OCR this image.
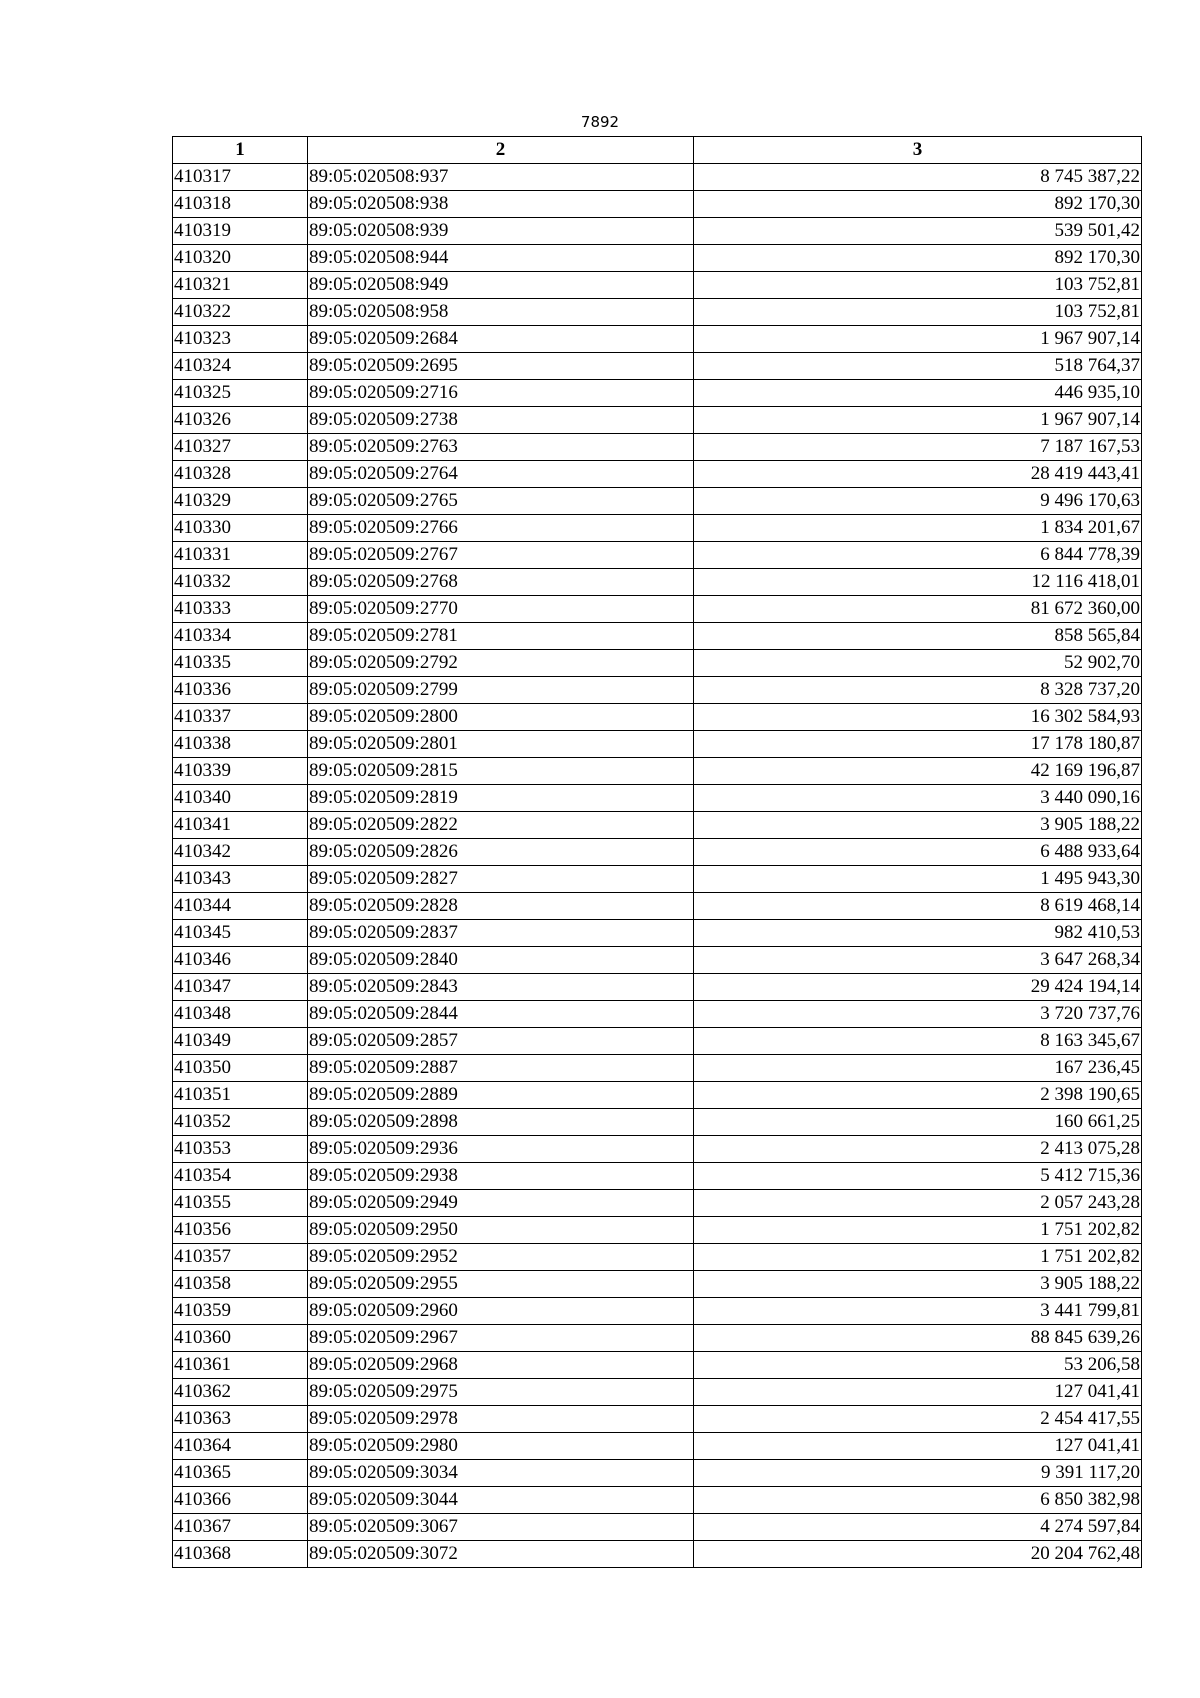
7892
1	2	3
410317	89:05:020508:937	8 745 387,22
410318	89:05:020508:938	892 170,30
410319	89:05:020508:939	539 501,42
410320	89:05:020508:944	892 170,30
410321	89:05:020508:949	103 752,81
410322	89:05:020508:958	103 752,81
410323	89:05:020509:2684	1 967 907,14
410324	89:05:020509:2695	518 764,37
410325	89:05:020509:2716	446 935,10
410326	89:05:020509:2738	1 967 907,14
410327	89:05:020509:2763	7 187 167,53
410328	89:05:020509:2764	28 419 443,41
410329	89:05:020509:2765	9 496 170,63
410330	89:05:020509:2766	1 834 201,67
410331	89:05:020509:2767	6 844 778,39
410332	89:05:020509:2768	12 116 418,01
410333	89:05:020509:2770	81 672 360,00
410334	89:05:020509:2781	858 565,84
410335	89:05:020509:2792	52 902,70
410336	89:05:020509:2799	8 328 737,20
410337	89:05:020509:2800	16 302 584,93
410338	89:05:020509:2801	17 178 180,87
410339	89:05:020509:2815	42 169 196,87
410340	89:05:020509:2819	3 440 090,16
410341	89:05:020509:2822	3 905 188,22
410342	89:05:020509:2826	6 488 933,64
410343	89:05:020509:2827	1 495 943,30
410344	89:05:020509:2828	8 619 468,14
410345	89:05:020509:2837	982 410,53
410346	89:05:020509:2840	3 647 268,34
410347	89:05:020509:2843	29 424 194,14
410348	89:05:020509:2844	3 720 737,76
410349	89:05:020509:2857	8 163 345,67
410350	89:05:020509:2887	167 236,45
410351	89:05:020509:2889	2 398 190,65
410352	89:05:020509:2898	160 661,25
410353	89:05:020509:2936	2 413 075,28
410354	89:05:020509:2938	5 412 715,36
410355	89:05:020509:2949	2 057 243,28
410356	89:05:020509:2950	1 751 202,82
410357	89:05:020509:2952	1 751 202,82
410358	89:05:020509:2955	3 905 188,22
410359	89:05:020509:2960	3 441 799,81
410360	89:05:020509:2967	88 845 639,26
410361	89:05:020509:2968	53 206,58
410362	89:05:020509:2975	127 041,41
410363	89:05:020509:2978	2 454 417,55
410364	89:05:020509:2980	127 041,41
410365	89:05:020509:3034	9 391 117,20
410366	89:05:020509:3044	6 850 382,98
410367	89:05:020509:3067	4 274 597,84
410368	89:05:020509:3072	20 204 762,48
